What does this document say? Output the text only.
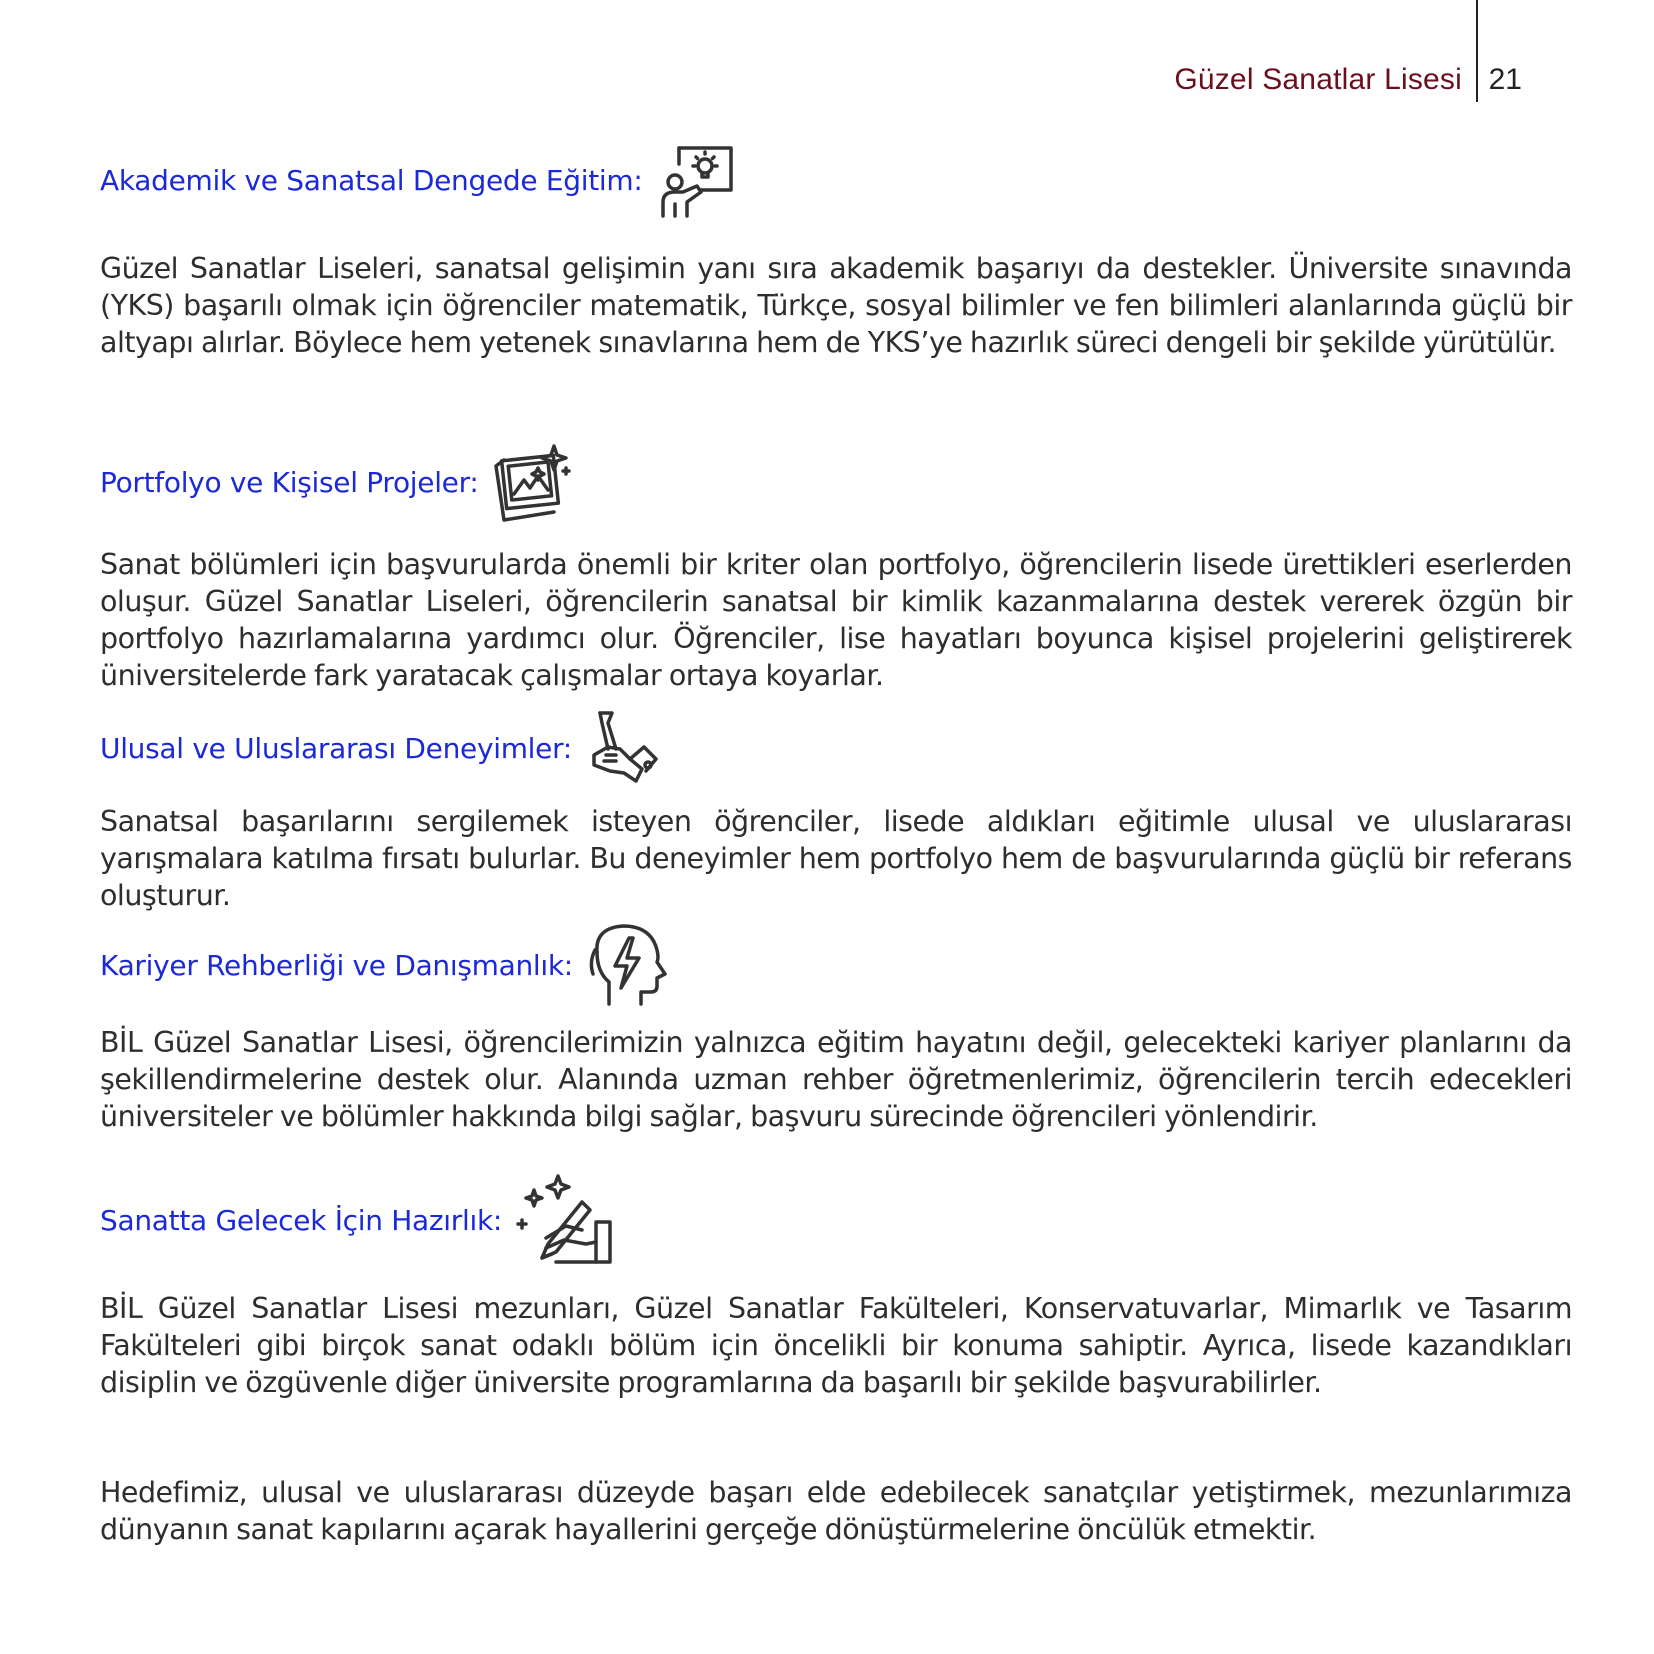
Güzel Sanatlar Lisesi 21
Akademik ve Sanatsal Dengede Eğitim:

Güzel Sanatlar Liseleri, sanatsal gelişimin yanı sıra akademik başarıyı da destekler. Üniversite sınavında (YKS) başarılı olmak için öğrenciler matematik, Türkçe, sosyal bilimler ve fen bilimleri alanlarında güçlü bir altyapı alırlar. Böylece hem yetenek sınavlarına hem de YKS’ye hazırlık süreci dengeli bir şekilde yürütülür.

Portfolyo ve Kişisel Projeler:

Sanat bölümleri için başvurularda önemli bir kriter olan portfolyo, öğrencilerin lisede ürettikleri eserlerden oluşur. Güzel Sanatlar Liseleri, öğrencilerin sanatsal bir kimlik kazanmalarına destek vererek özgün bir portfolyo hazırlamalarına yardımcı olur. Öğrenciler, lise hayatları boyunca kişisel projelerini geliştirerek üniversitelerde fark yaratacak çalışmalar ortaya koyarlar.

Ulusal ve Uluslararası Deneyimler:

Sanatsal başarılarını sergilemek isteyen öğrenciler, lisede aldıkları eğitimle ulusal ve uluslararası yarışmalara katılma fırsatı bulurlar. Bu deneyimler hem portfolyo hem de başvurularında güçlü bir referans oluşturur.

Kariyer Rehberliği ve Danışmanlık:

BİL Güzel Sanatlar Lisesi, öğrencilerimizin yalnızca eğitim hayatını değil, gelecekteki kariyer planlarını da şekillendirmelerine destek olur. Alanında uzman rehber öğretmenlerimiz, öğrencilerin tercih edecekleri üniversiteler ve bölümler hakkında bilgi sağlar, başvuru sürecinde öğrencileri yönlendirir.

Sanatta Gelecek İçin Hazırlık:

BİL Güzel Sanatlar Lisesi mezunları, Güzel Sanatlar Fakülteleri, Konservatuvarlar, Mimarlık ve Tasarım Fakülteleri gibi birçok sanat odaklı bölüm için öncelikli bir konuma sahiptir. Ayrıca, lisede kazandıkları disiplin ve özgüvenle diğer üniversite programlarına da başarılı bir şekilde başvurabilirler.

Hedefimiz, ulusal ve uluslararası düzeyde başarı elde edebilecek sanatçılar yetiştirmek, mezunlarımıza dünyanın sanat kapılarını açarak hayallerini gerçeğe dönüştürmelerine öncülük etmektir.
